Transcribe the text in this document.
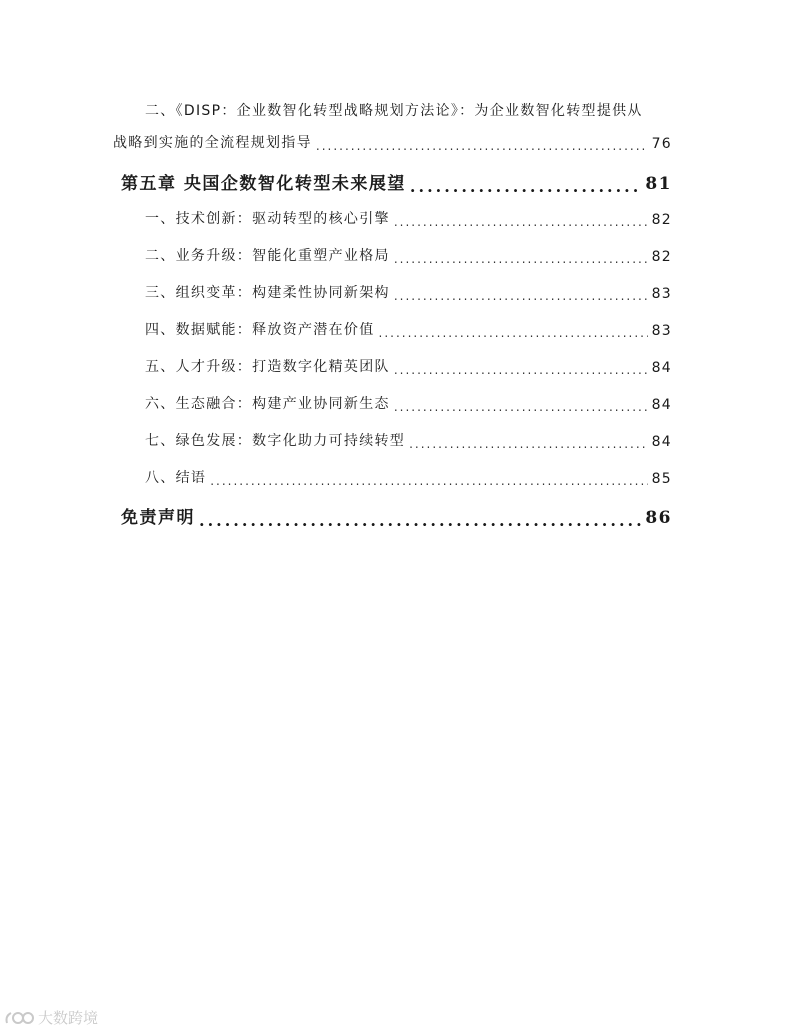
二、《DISP：企业数智化转型战略规划方法论》：为企业数智化转型提供从
战略到实施的全流程规划指导 .....	76
第五章 央国企数智化转型未来展望 .....	81
一、技术创新：驱动转型的核心引擎 .....	82
二、业务升级：智能化重塑产业格局 .....	82
三、组织变革：构建柔性协同新架构 .....	83
四、数据赋能：释放资产潜在价值 .....	83
五、人才升级：打造数字化精英团队 .....	84
六、生态融合：构建产业协同新生态 .....	84
七、绿色发展：数字化助力可持续转型 .....	84
八、结语 .....	85
免责声明 .....	86
大数跨境
